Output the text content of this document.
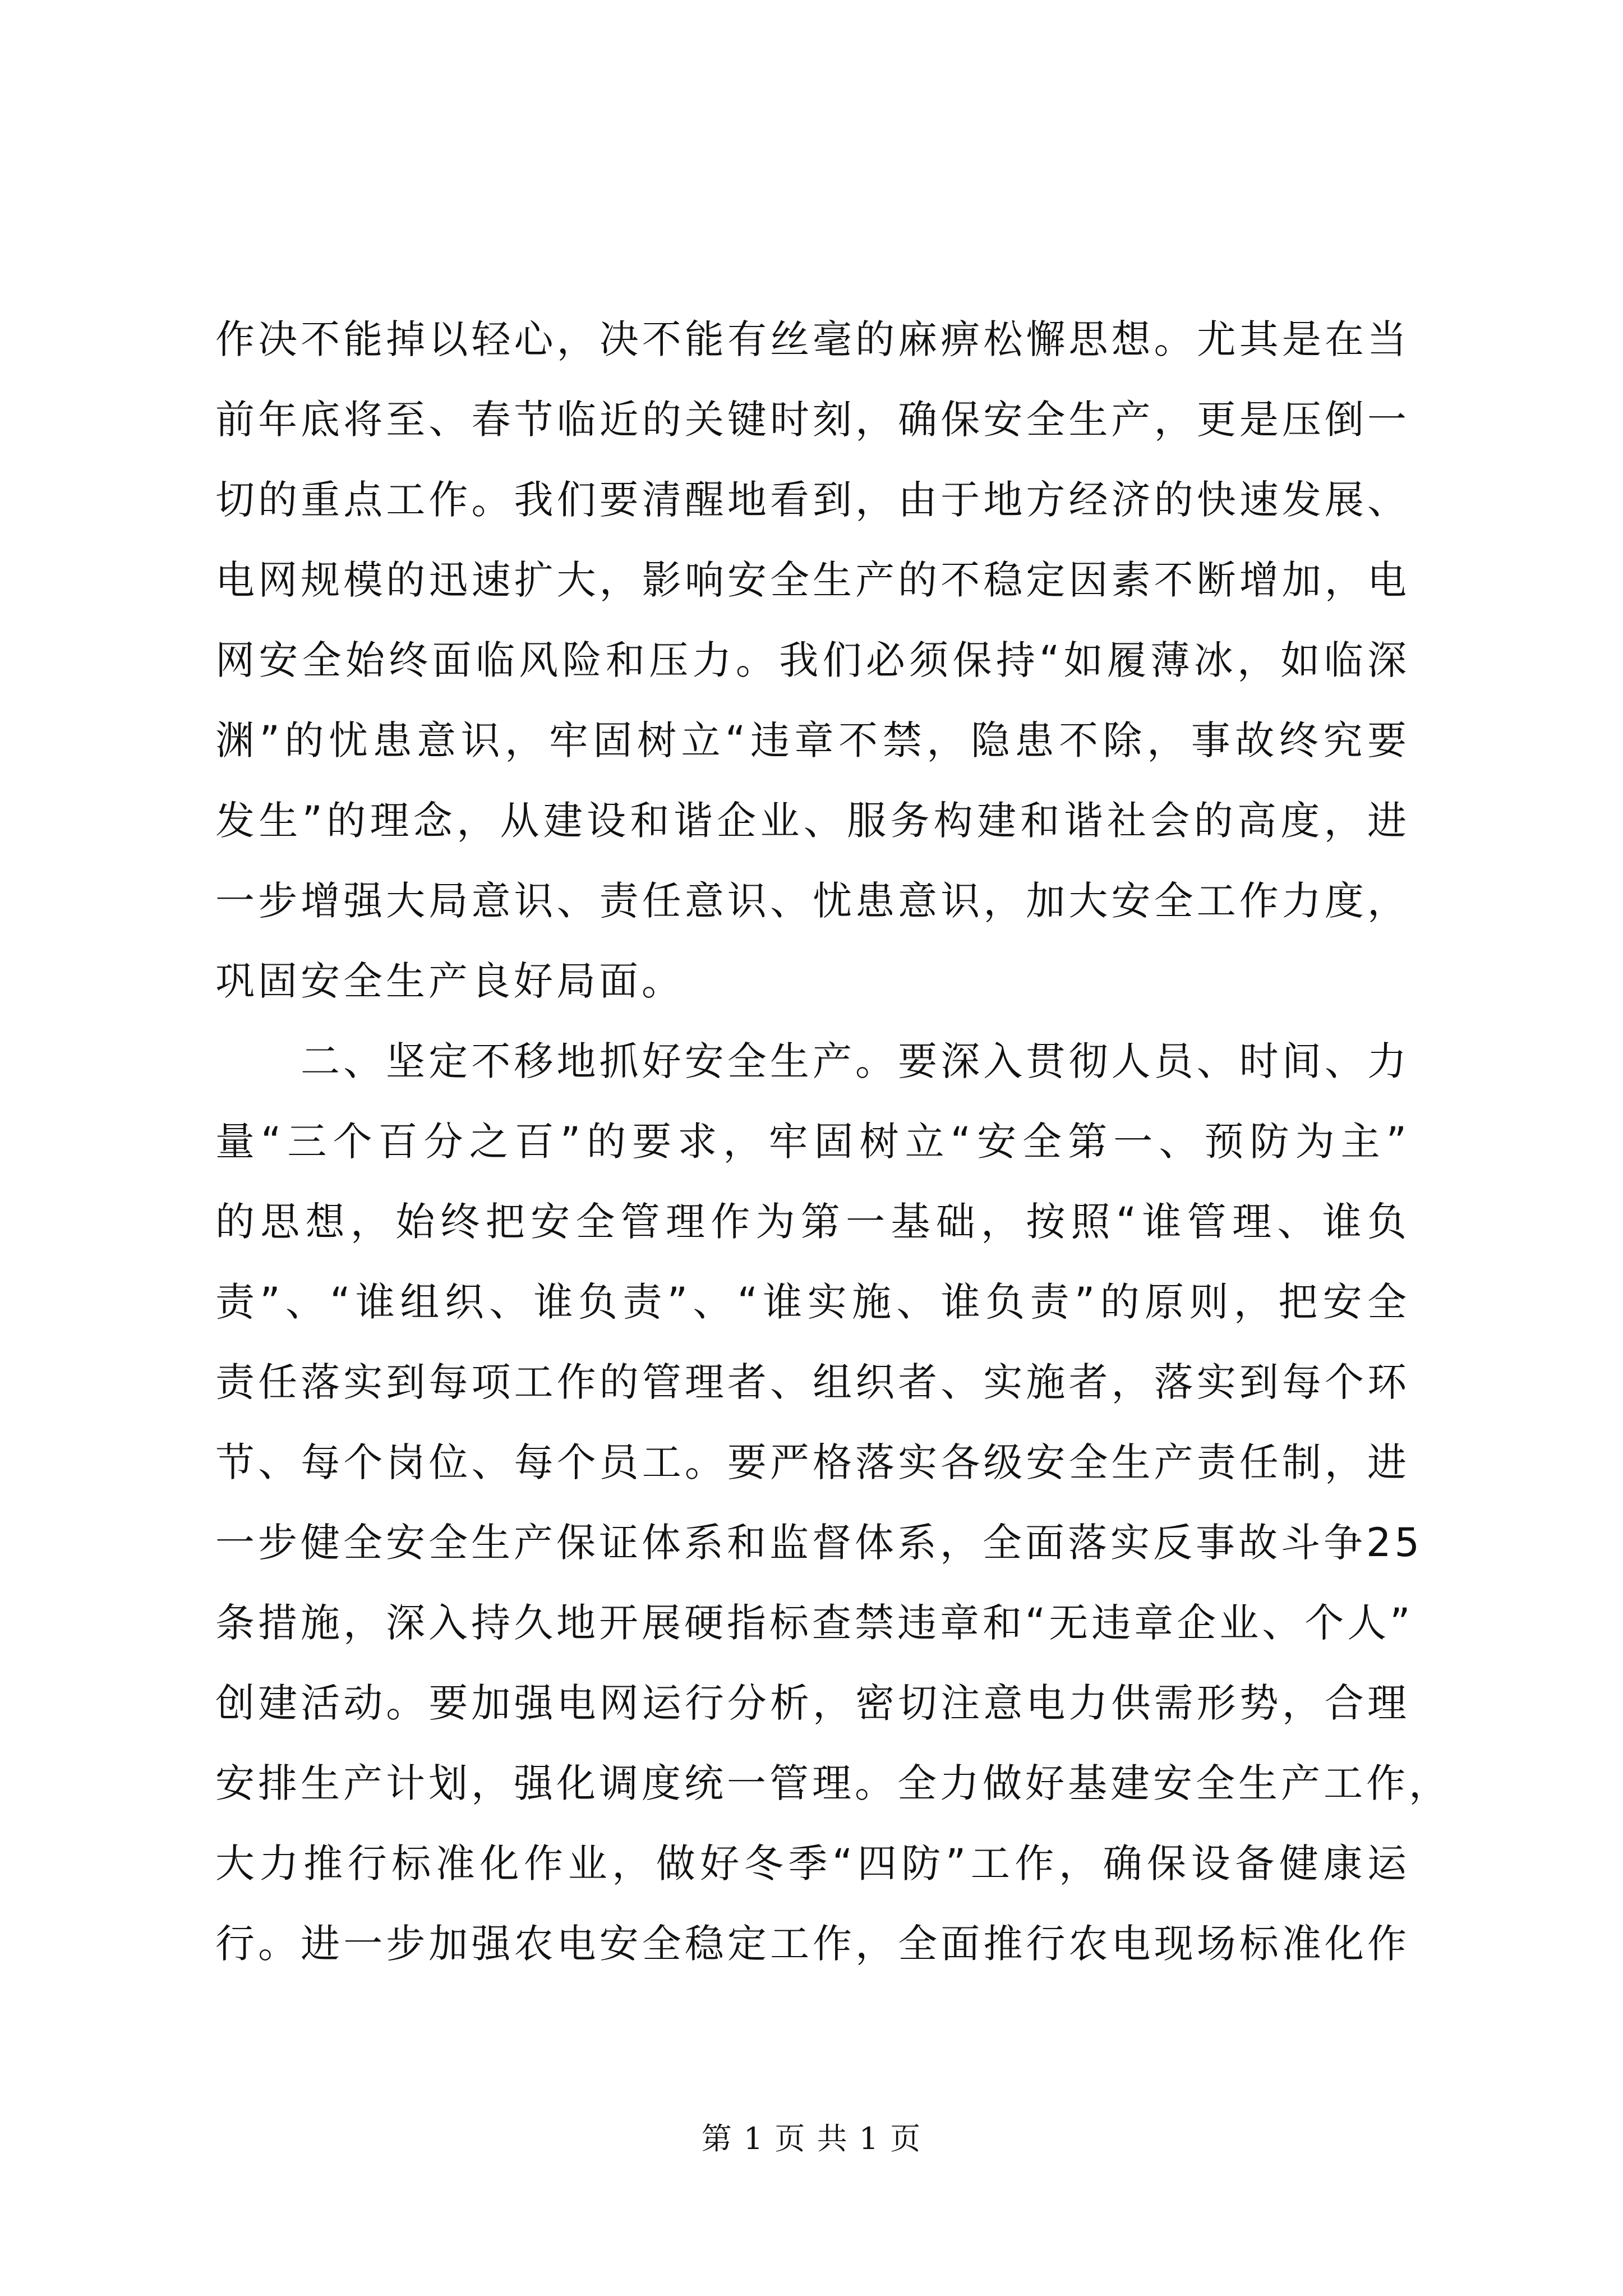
作决不能掉以轻心，决不能有丝毫的麻痹松懈思想。尤其是在当
前年底将至、春节临近的关键时刻，确保安全生产，更是压倒一
切的重点工作。我们要清醒地看到，由于地方经济的快速发展、
电网规模的迅速扩大，影响安全生产的不稳定因素不断增加，电
网安全始终面临风险和压力。我们必须保持“如履薄冰，如临深
渊”的忧患意识，牢固树立“违章不禁，隐患不除，事故终究要
发生”的理念，从建设和谐企业、服务构建和谐社会的高度，进
一步增强大局意识、责任意识、忧患意识，加大安全工作力度，
巩固安全生产良好局面。
二、坚定不移地抓好安全生产。要深入贯彻人员、时间、力
量“三个百分之百”的要求，牢固树立“安全第一、预防为主”
的思想，始终把安全管理作为第一基础，按照“谁管理、谁负
责”、“谁组织、谁负责”、“谁实施、谁负责”的原则，把安全
责任落实到每项工作的管理者、组织者、实施者，落实到每个环
节、每个岗位、每个员工。要严格落实各级安全生产责任制，进
一步健全安全生产保证体系和监督体系，全面落实反事故斗争25
条措施，深入持久地开展硬指标查禁违章和“无违章企业、个人”
创建活动。要加强电网运行分析，密切注意电力供需形势，合理
安排生产计划，强化调度统一管理。全力做好基建安全生产工作，
大力推行标准化作业，做好冬季“四防”工作，确保设备健康运
行。进一步加强农电安全稳定工作，全面推行农电现场标准化作
第 1 页 共 1 页
